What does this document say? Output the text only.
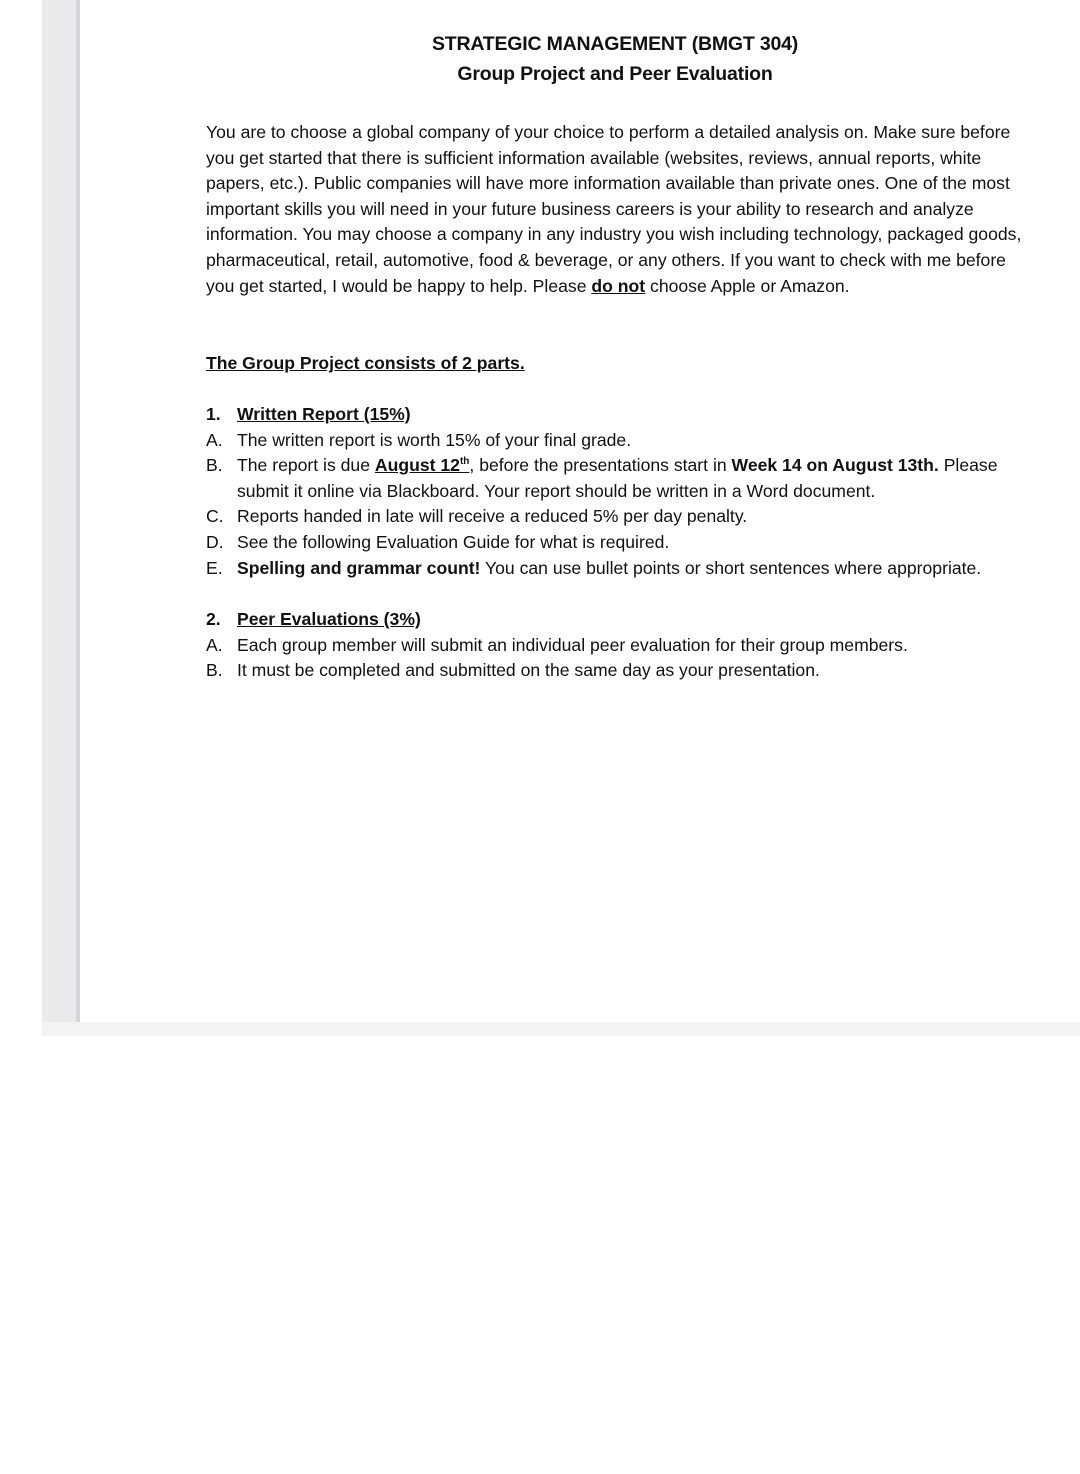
STRATEGIC MANAGEMENT (BMGT 304)
Group Project and Peer Evaluation

You are to choose a global company of your choice to perform a detailed analysis on. Make sure before you get started that there is sufficient information available (websites, reviews, annual reports, white papers, etc.). Public companies will have more information available than private ones. One of the most important skills you will need in your future business careers is your ability to research and analyze information. You may choose a company in any industry you wish including technology, packaged goods, pharmaceutical, retail, automotive, food & beverage, or any others. If you want to check with me before you get started, I would be happy to help. Please do not choose Apple or Amazon.

The Group Project consists of 2 parts.

1. Written Report (15%)
A. The written report is worth 15% of your final grade.
B. The report is due August 12th, before the presentations start in Week 14 on August 13th. Please submit it online via Blackboard. Your report should be written in a Word document.
C. Reports handed in late will receive a reduced 5% per day penalty.
D. See the following Evaluation Guide for what is required.
E. Spelling and grammar count! You can use bullet points or short sentences where appropriate.
2. Peer Evaluations (3%)
A. Each group member will submit an individual peer evaluation for their group members.
B. It must be completed and submitted on the same day as your presentation.
